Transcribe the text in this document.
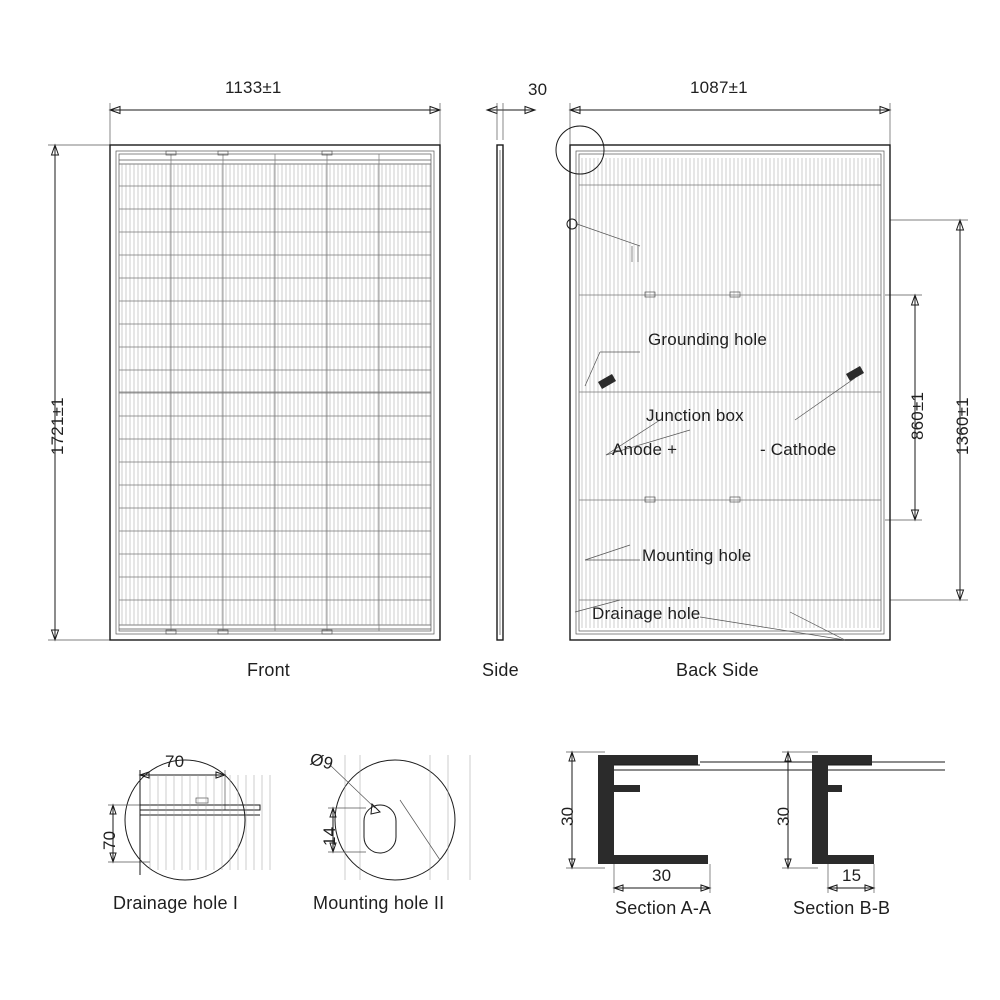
1133±1
1721±1
30	1087±1
860±1 1360±1
Grounding hole
Junction box
Anode +	- Cathode
Mounting hole
Drainage hole
Front	Side	Back Side
70
70
Ø9
14
Drainage hole I	Mounting hole II
30
30
30
15
Section A-A	Section B-B
